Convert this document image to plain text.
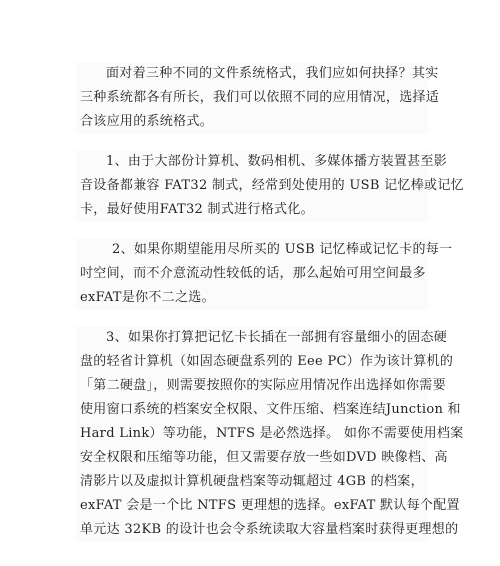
面对着三种不同的文件系统格式，我们应如何抉择？其实
三种系统都各有所长，我们可以依照不同的应用情况，选择适
合该应用的系统格式。
1、由于大部份计算机、数码相机、多媒体播方装置甚至影
音设备都兼容 FAT32 制式，经常到处使用的 USB 记忆棒或记忆
卡，最好使用FAT32 制式进行格式化。
2、如果你期望能用尽所买的 USB 记忆棒或记忆卡的每一
吋空间，而不介意流动性较低的话，那么起始可用空间最多
exFAT是你不二之选。
3、如果你打算把记忆卡长插在一部拥有容量细小的固态硬
盘的轻省计算机（如固态硬盘系列的 Eee PC）作为该计算机的
「第二硬盘」，则需要按照你的实际应用情况作出选择如你需要
使用窗口系统的档案安全权限、文件压缩、档案连结Junction 和
Hard Link）等功能，NTFS 是必然选择。 如你不需要使用档案
安全权限和压缩等功能，但又需要存放一些如DVD 映像档、高
清影片以及虚拟计算机硬盘档案等动辄超过 4GB 的档案，
exFAT 会是一个比 NTFS 更理想的选择。exFAT 默认每个配置
单元达 32KB 的设计也会令系统读取大容量档案时获得更理想的
